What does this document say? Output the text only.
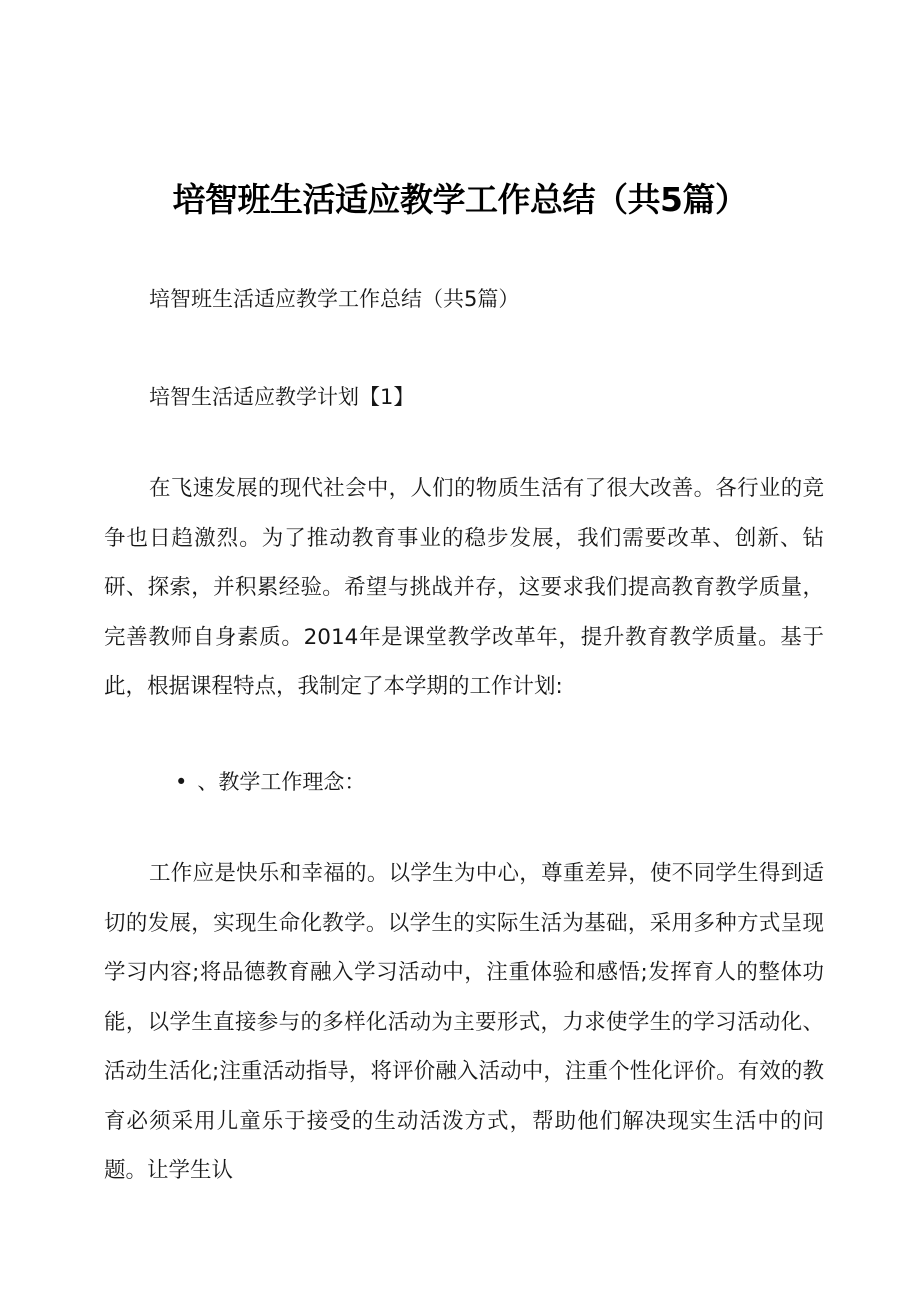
培智班生活适应教学工作总结（共5篇）
培智班生活适应教学工作总结（共5篇）
培智生活适应教学计划【1】

在飞速发展的现代社会中，人们的物质生活有了很大改善。各行业的竞争也日趋激烈。为了推动教育事业的稳步发展，我们需要改革、创新、钻研、探索，并积累经验。希望与挑战并存，这要求我们提高教育教学质量，完善教师自身素质。2014年是课堂教学改革年，提升教育教学质量。基于此，根据课程特点，我制定了本学期的工作计划:

• 、教学工作理念：

工作应是快乐和幸福的。以学生为中心，尊重差异，使不同学生得到适切的发展，实现生命化教学。以学生的实际生活为基础，采用多种方式呈现学习内容;将品德教育融入学习活动中，注重体验和感悟;发挥育人的整体功能，以学生直接参与的多样化活动为主要形式，力求使学生的学习活动化、活动生活化;注重活动指导，将评价融入活动中，注重个性化评价。有效的教育必须采用儿童乐于接受的生动活泼方式，帮助他们解决现实生活中的问题。让学生认
